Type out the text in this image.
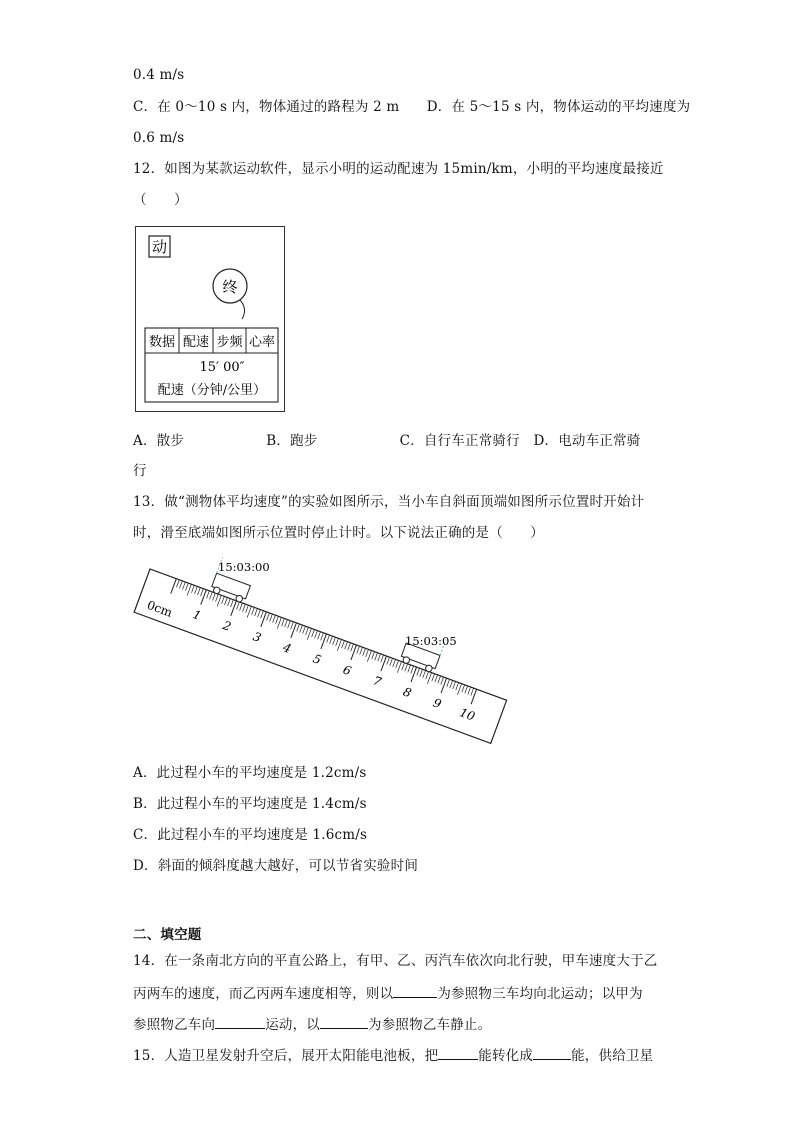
0.4 m/s
C．在 0～10 s 内，物体通过的路程为 2 m　　D．在 5～15 s 内，物体运动的平均速度为
0.6 m/s
12．如图为某款运动软件，显示小明的运动配速为 15min/km，小明的平均速度最接近
（　　）
动
终
数据 配速 步频 心率
15′ 00″
配速（分钟/公里）
A．散步　　　　　　B．跑步　　　　　　C．自行车正常骑行　D．电动车正常骑
行
13．做“测物体平均速度”的实验如图所示，当小车自斜面顶端如图所示位置时开始计
时，滑至底端如图所示位置时停止计时。以下说法正确的是（　　）
0cm 1
2
3
4
5
6
7
8
9
10
15:03:00
15:03:05
A．此过程小车的平均速度是 1.2cm/s
B．此过程小车的平均速度是 1.4cm/s
C．此过程小车的平均速度是 1.6cm/s
D．斜面的倾斜度越大越好，可以节省实验时间
二、填空题
14．在一条南北方向的平直公路上，有甲、乙、丙汽车依次向北行驶，甲车速度大于乙
丙两车的速度，而乙丙两车速度相等，则以	为参照物三车均向北运动；以甲为
参照物乙车向	运动，以	为参照物乙车静止。
15．人造卫星发射升空后，展开太阳能电池板，把	能转化成	能，供给卫星
